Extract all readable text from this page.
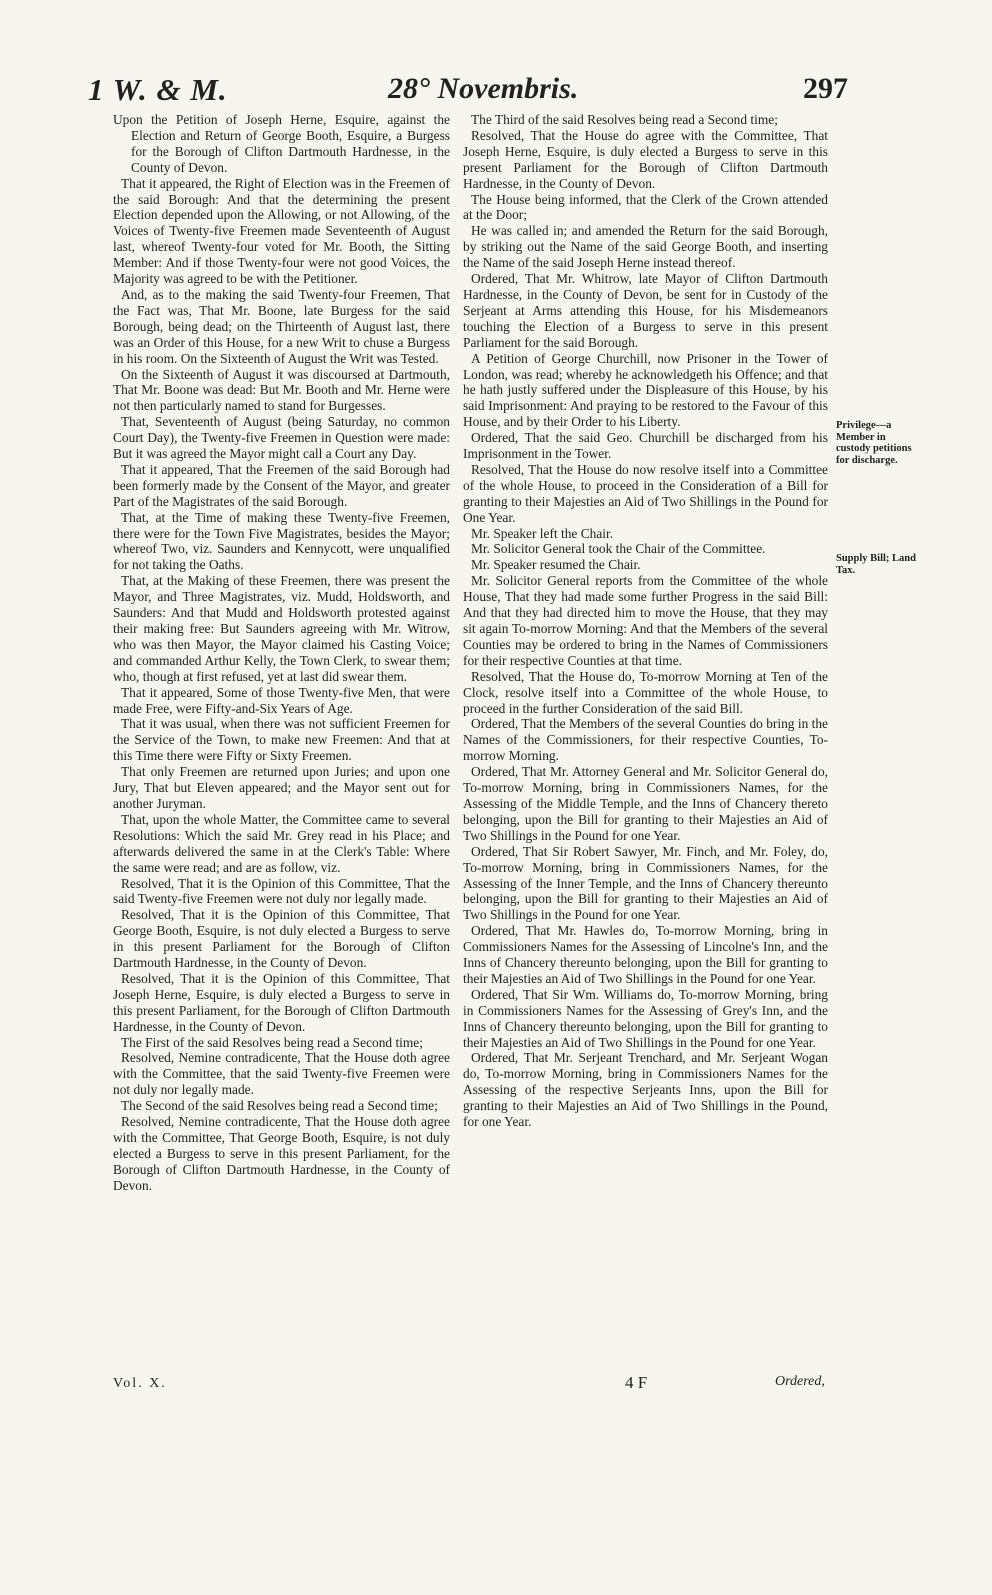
1 W. & M.	28° Novembris.	297

Upon the Petition of Joseph Herne, Esquire, against the Election and Return of George Booth, Esquire, a Burgess for the Borough of Clifton Dartmouth Hardnesse, in the County of Devon.

That it appeared, the Right of Election was in the Freemen of the said Borough: And that the determining the present Election depended upon the Allowing, or not Allowing, of the Voices of Twenty-five Freemen made Seventeenth of August last, whereof Twenty-four voted for Mr. Booth, the Sitting Member: And if those Twenty-four were not good Voices, the Majority was agreed to be with the Petitioner.

And, as to the making the said Twenty-four Freemen, That the Fact was, That Mr. Boone, late Burgess for the said Borough, being dead; on the Thirteenth of August last, there was an Order of this House, for a new Writ to chuse a Burgess in his room. On the Sixteenth of August the Writ was Tested.

On the Sixteenth of August it was discoursed at Dartmouth, That Mr. Boone was dead: But Mr. Booth and Mr. Herne were not then particularly named to stand for Burgesses.

That, Seventeenth of August (being Saturday, no common Court Day), the Twenty-five Freemen in Question were made: But it was agreed the Mayor might call a Court any Day.

That it appeared, That the Freemen of the said Borough had been formerly made by the Consent of the Mayor, and greater Part of the Magistrates of the said Borough.

That, at the Time of making these Twenty-five Freemen, there were for the Town Five Magistrates, besides the Mayor; whereof Two, viz. Saunders and Kennycott, were unqualified for not taking the Oaths.

That, at the Making of these Freemen, there was present the Mayor, and Three Magistrates, viz. Mudd, Holdsworth, and Saunders: And that Mudd and Holdsworth protested against their making free: But Saunders agreeing with Mr. Witrow, who was then Mayor, the Mayor claimed his Casting Voice; and commanded Arthur Kelly, the Town Clerk, to swear them; who, though at first refused, yet at last did swear them.

That it appeared, Some of those Twenty-five Men, that were made Free, were Fifty-and-Six Years of Age.

That it was usual, when there was not sufficient Freemen for the Service of the Town, to make new Freemen: And that at this Time there were Fifty or Sixty Freemen.

That only Freemen are returned upon Juries; and upon one Jury, That but Eleven appeared; and the Mayor sent out for another Juryman.

That, upon the whole Matter, the Committee came to several Resolutions: Which the said Mr. Grey read in his Place; and afterwards delivered the same in at the Clerk's Table: Where the same were read; and are as follow, viz.

Resolved, That it is the Opinion of this Committee, That the said Twenty-five Freemen were not duly nor legally made.

Resolved, That it is the Opinion of this Committee, That George Booth, Esquire, is not duly elected a Burgess to serve in this present Parliament for the Borough of Clifton Dartmouth Hardnesse, in the County of Devon.

Resolved, That it is the Opinion of this Committee, That Joseph Herne, Esquire, is duly elected a Burgess to serve in this present Parliament, for the Borough of Clifton Dartmouth Hardnesse, in the County of Devon.

The First of the said Resolves being read a Second time;

Resolved, Nemine contradicente, That the House doth agree with the Committee, that the said Twenty-five Freemen were not duly nor legally made.

The Second of the said Resolves being read a Second time;

Resolved, Nemine contradicente, That the House doth agree with the Committee, That George Booth, Esquire, is not duly elected a Burgess to serve in this present Parliament, for the Borough of Clifton Dartmouth Hardnesse, in the County of Devon.

The Third of the said Resolves being read a Second time;

Resolved, That the House do agree with the Committee, That Joseph Herne, Esquire, is duly elected a Burgess to serve in this present Parliament for the Borough of Clifton Dartmouth Hardnesse, in the County of Devon.

The House being informed, that the Clerk of the Crown attended at the Door;

He was called in; and amended the Return for the said Borough, by striking out the Name of the said George Booth, and inserting the Name of the said Joseph Herne instead thereof.

Ordered, That Mr. Whitrow, late Mayor of Clifton Dartmouth Hardnesse, in the County of Devon, be sent for in Custody of the Serjeant at Arms attending this House, for his Misdemeanors touching the Election of a Burgess to serve in this present Parliament for the said Borough.

A Petition of George Churchill, now Prisoner in the Tower of London, was read; whereby he acknowledgeth his Offence; and that he hath justly suffered under the Displeasure of this House, by his said Imprisonment: And praying to be restored to the Favour of this House, and by their Order to his Liberty.

Ordered, That the said Geo. Churchill be discharged from his Imprisonment in the Tower.

Resolved, That the House do now resolve itself into a Committee of the whole House, to proceed in the Consideration of a Bill for granting to their Majesties an Aid of Two Shillings in the Pound for One Year.

Mr. Speaker left the Chair.

Mr. Solicitor General took the Chair of the Committee.

Mr. Speaker resumed the Chair.

Mr. Solicitor General reports from the Committee of the whole House, That they had made some further Progress in the said Bill: And that they had directed him to move the House, that they may sit again To-morrow Morning: And that the Members of the several Counties may be ordered to bring in the Names of Commissioners for their respective Counties at that time.

Resolved, That the House do, To-morrow Morning at Ten of the Clock, resolve itself into a Committee of the whole House, to proceed in the further Consideration of the said Bill.

Ordered, That the Members of the several Counties do bring in the Names of the Commissioners, for their respective Counties, To-morrow Morning.

Ordered, That Mr. Attorney General and Mr. Solicitor General do, To-morrow Morning, bring in Commissioners Names, for the Assessing of the Middle Temple, and the Inns of Chancery thereto belonging, upon the Bill for granting to their Majesties an Aid of Two Shillings in the Pound for one Year.

Ordered, That Sir Robert Sawyer, Mr. Finch, and Mr. Foley, do, To-morrow Morning, bring in Commissioners Names, for the Assessing of the Inner Temple, and the Inns of Chancery thereunto belonging, upon the Bill for granting to their Majesties an Aid of Two Shillings in the Pound for one Year.

Ordered, That Mr. Hawles do, To-morrow Morning, bring in Commissioners Names for the Assessing of Lincolne's Inn, and the Inns of Chancery thereunto belonging, upon the Bill for granting to their Majesties an Aid of Two Shillings in the Pound for one Year.

Ordered, That Sir Wm. Williams do, To-morrow Morning, bring in Commissioners Names for the Assessing of Grey's Inn, and the Inns of Chancery thereunto belonging, upon the Bill for granting to their Majesties an Aid of Two Shillings in the Pound for one Year.

Ordered, That Mr. Serjeant Trenchard, and Mr. Serjeant Wogan do, To-morrow Morning, bring in Commissioners Names for the Assessing of the respective Serjeants Inns, upon the Bill for granting to their Majesties an Aid of Two Shillings in the Pound, for one Year.

Privilege—a Member in custody petitions for discharge.
Supply Bill; Land Tax.
Vol. X.	4 F	Ordered,
